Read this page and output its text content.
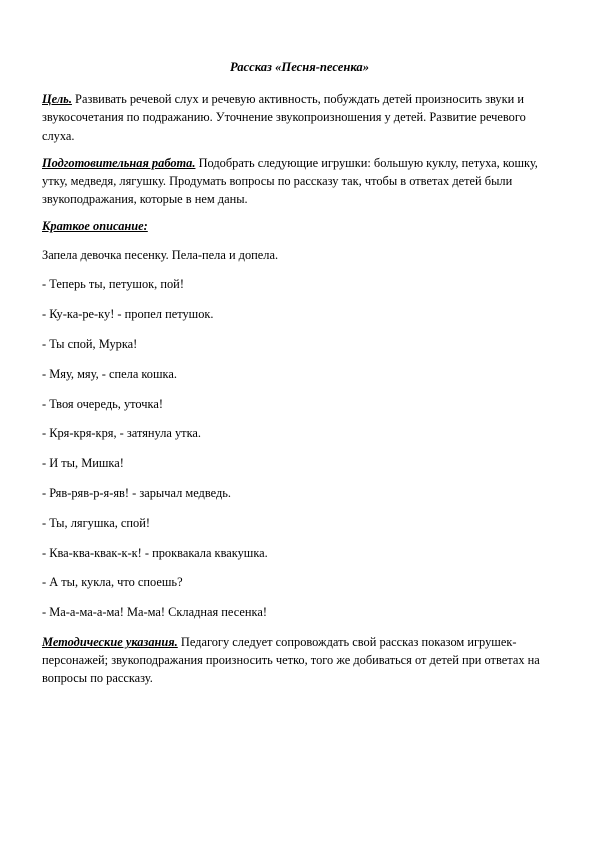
Рассказ «Песня-песенка»

Цель. Развивать речевой слух и речевую активность, побуждать детей произносить звуки и звукосочетания по подражанию. Уточнение звукопроизношения у детей. Развитие речевого слуха.

Подготовительная работа. Подобрать следующие игрушки: большую куклу, петуха, кошку, утку, медведя, лягушку. Продумать вопросы по рассказу так, чтобы в ответах детей были звукоподражания, которые в нем даны.

Краткое описание:
Запела девочка песенку. Пела-пела и допела.
- Теперь ты, петушок, пой!
- Ку-ка-ре-ку! - пропел петушок.
- Ты спой, Мурка!
- Мяу, мяу, - спела кошка.
- Твоя очередь, уточка!
- Кря-кря-кря, - затянула утка.
- И ты, Мишка!
- Ряв-ряв-р-я-яв! - зарычал медведь.
- Ты, лягушка, спой!
- Ква-ква-квак-к-к! - проквакала квакушка.
- А ты, кукла, что споешь?
- Ма-а-ма-а-ма! Ма-ма! Складная песенка!

Методические указания. Педагогу следует сопровождать свой рассказ показом игрушек-персонажей; звукоподражания произносить четко, того же добиваться от детей при ответах на вопросы по рассказу.
